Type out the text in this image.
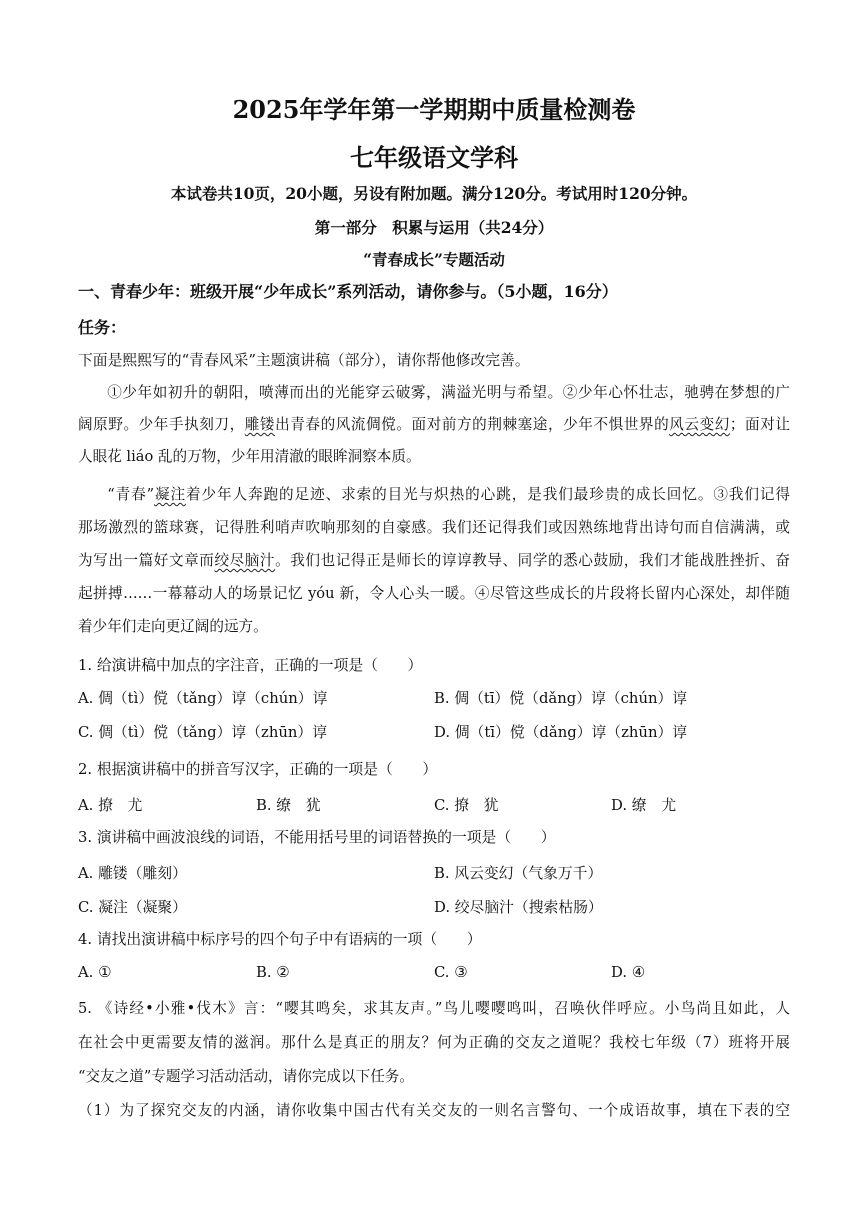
2025年学年第一学期期中质量检测卷
七年级语文学科
本试卷共10页，20小题，另设有附加题。满分120分。考试用时120分钟。
第一部分　积累与运用（共24分）
“青春成长”专题活动
一、青春少年：班级开展“少年成长”系列活动，请你参与。（5小题，16分）
任务：
下面是熙熙写的“青春风采”主题演讲稿（部分），请你帮他修改完善。
①少年如初升的朝阳，喷薄而出的光能穿云破雾，满溢光明与希望。②少年心怀壮志，驰骋在梦想的广
阔原野。少年手执刻刀，雕镂出青春的风流倜傥。面对前方的荆棘塞途，少年不惧世界的风云变幻；面对让
人眼花 liáo 乱的万物，少年用清澈的眼眸洞察本质。
“青春”凝注着少年人奔跑的足迹、求索的目光与炽热的心跳，是我们最珍贵的成长回忆。③我们记得
那场激烈的篮球赛，记得胜利哨声吹响那刻的自豪感。我们还记得我们或因熟练地背出诗句而自信满满，或
为写出一篇好文章而绞尽脑汁。我们也记得正是师长的谆谆教导、同学的悉心鼓励，我们才能战胜挫折、奋
起拼搏……一幕幕动人的场景记忆 yóu 新，令人心头一暖。④尽管这些成长的片段将长留内心深处，却伴随
着少年们走向更辽阔的远方。
1. 给演讲稿中加点的字注音，正确的一项是（　　）
A. 倜（tì）傥（tǎng）谆（chún）谆	B. 倜（tī）傥（dǎng）谆（chún）谆
C. 倜（tì）傥（tǎng）谆（zhūn）谆	D. 倜（tī）傥（dǎng）谆（zhūn）谆
2. 根据演讲稿中的拼音写汉字，正确的一项是（　　）
A. 撩　尤	B. 缭　犹	C. 撩　犹	D. 缭　尤
3. 演讲稿中画波浪线的词语，不能用括号里的词语替换的一项是（　　）
A. 雕镂（雕刻）	B. 风云变幻（气象万千）
C. 凝注（凝聚）	D. 绞尽脑汁（搜索枯肠）
4. 请找出演讲稿中标序号的四个句子中有语病的一项（　　）
A. ①	B. ②	C. ③	D. ④
5. 《诗经•小雅•伐木》言：“嘤其鸣矣，求其友声。”鸟儿嘤嘤鸣叫，召唤伙伴呼应。小鸟尚且如此，人
在社会中更需要友情的滋润。那什么是真正的朋友？何为正确的交友之道呢？我校七年级（7）班将开展
“交友之道”专题学习活动活动，请你完成以下任务。
（1）为了探究交友的内涵，请你收集中国古代有关交友的一则名言警句、一个成语故事，填在下表的空
